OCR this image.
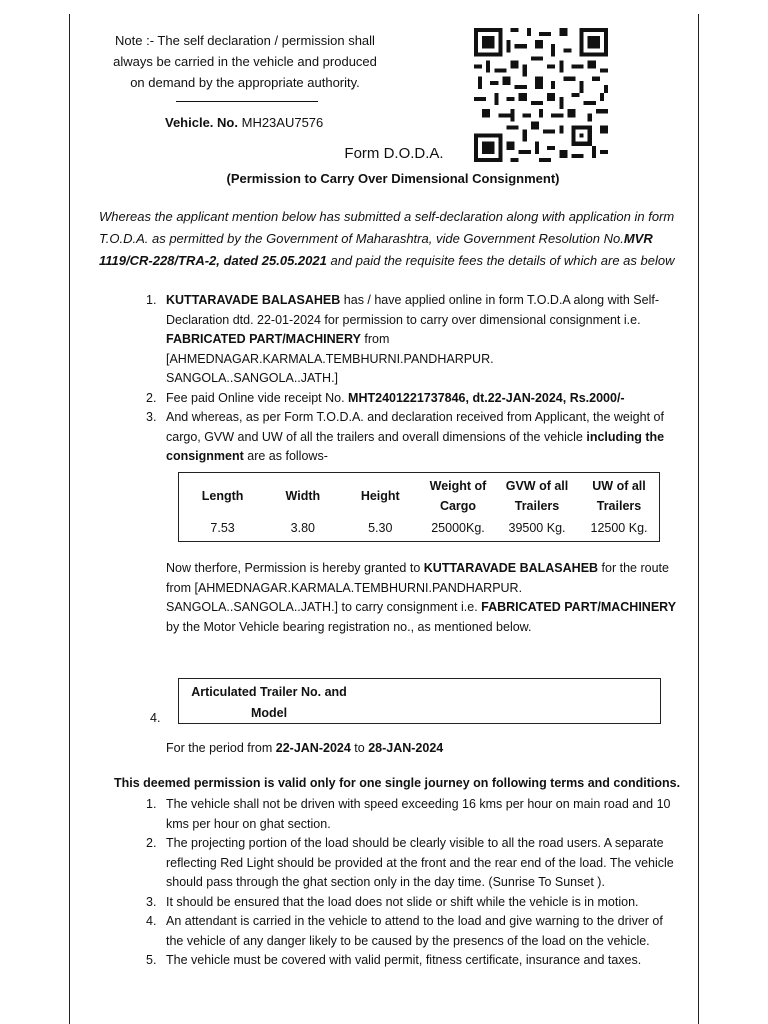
Note :- The self declaration / permission shall
always be carried in the vehicle and produced
on demand by the appropriate authority.
Vehicle. No. MH23AU7576
Form D.O.D.A.
(Permission to Carry Over Dimensional Consignment)
Whereas the applicant mention below has submitted a self-declaration along with application in form T.O.D.A. as permitted by the Government of Maharashtra, vide Government Resolution No.MVR 1119/CR-228/TRA-2, dated 25.05.2021 and paid the requisite fees the details of which are as below
1. KUTTARAVADE BALASAHEB has / have applied online in form T.O.D.A along with Self-Declaration dtd. 22-01-2024 for permission to carry over dimensional consignment i.e. FABRICATED PART/MACHINERY from
[AHMEDNAGAR.KARMALA.TEMBHURNI.PANDHARPUR. SANGOLA..SANGOLA..JATH.]
2. Fee paid Online vide receipt No. MHT2401221737846, dt.22-JAN-2024, Rs.2000/-
3. And whereas, as per Form T.O.D.A. and declaration received from Applicant, the weight of cargo, GVW and UW of all the trailers and overall dimensions of the vehicle including the consignment are as follows-
Length	Width	Height	Weight of Cargo	GVW of all Trailers	UW of all Trailers
7.53	3.80	5.30	25000Kg.	39500 Kg.	12500 Kg.
Now therfore, Permission is hereby granted to KUTTARAVADE BALASAHEB for the route from [AHMEDNAGAR.KARMALA.TEMBHURNI.PANDHARPUR. SANGOLA..SANGOLA..JATH.] to carry consignment i.e. FABRICATED PART/MACHINERY by the Motor Vehicle bearing registration no., as mentioned below.
4.
Articulated Trailer No. and Model
For the period from 22-JAN-2024 to 28-JAN-2024
This deemed permission is valid only for one single journey on following terms and conditions.
1. The vehicle shall not be driven with speed exceeding 16 kms per hour on main road and 10 kms per hour on ghat section.
2. The projecting portion of the load should be clearly visible to all the road users. A separate reflecting Red Light should be provided at the front and the rear end of the load. The vehicle should pass through the ghat section only in the day time. (Sunrise To Sunset ).
3. It should be ensured that the load does not slide or shift while the vehicle is in motion.
4. An attendant is carried in the vehicle to attend to the load and give warning to the driver of the vehicle of any danger likely to be caused by the presencs of the load on the vehicle.
5. The vehicle must be covered with valid permit, fitness certificate, insurance and taxes.
